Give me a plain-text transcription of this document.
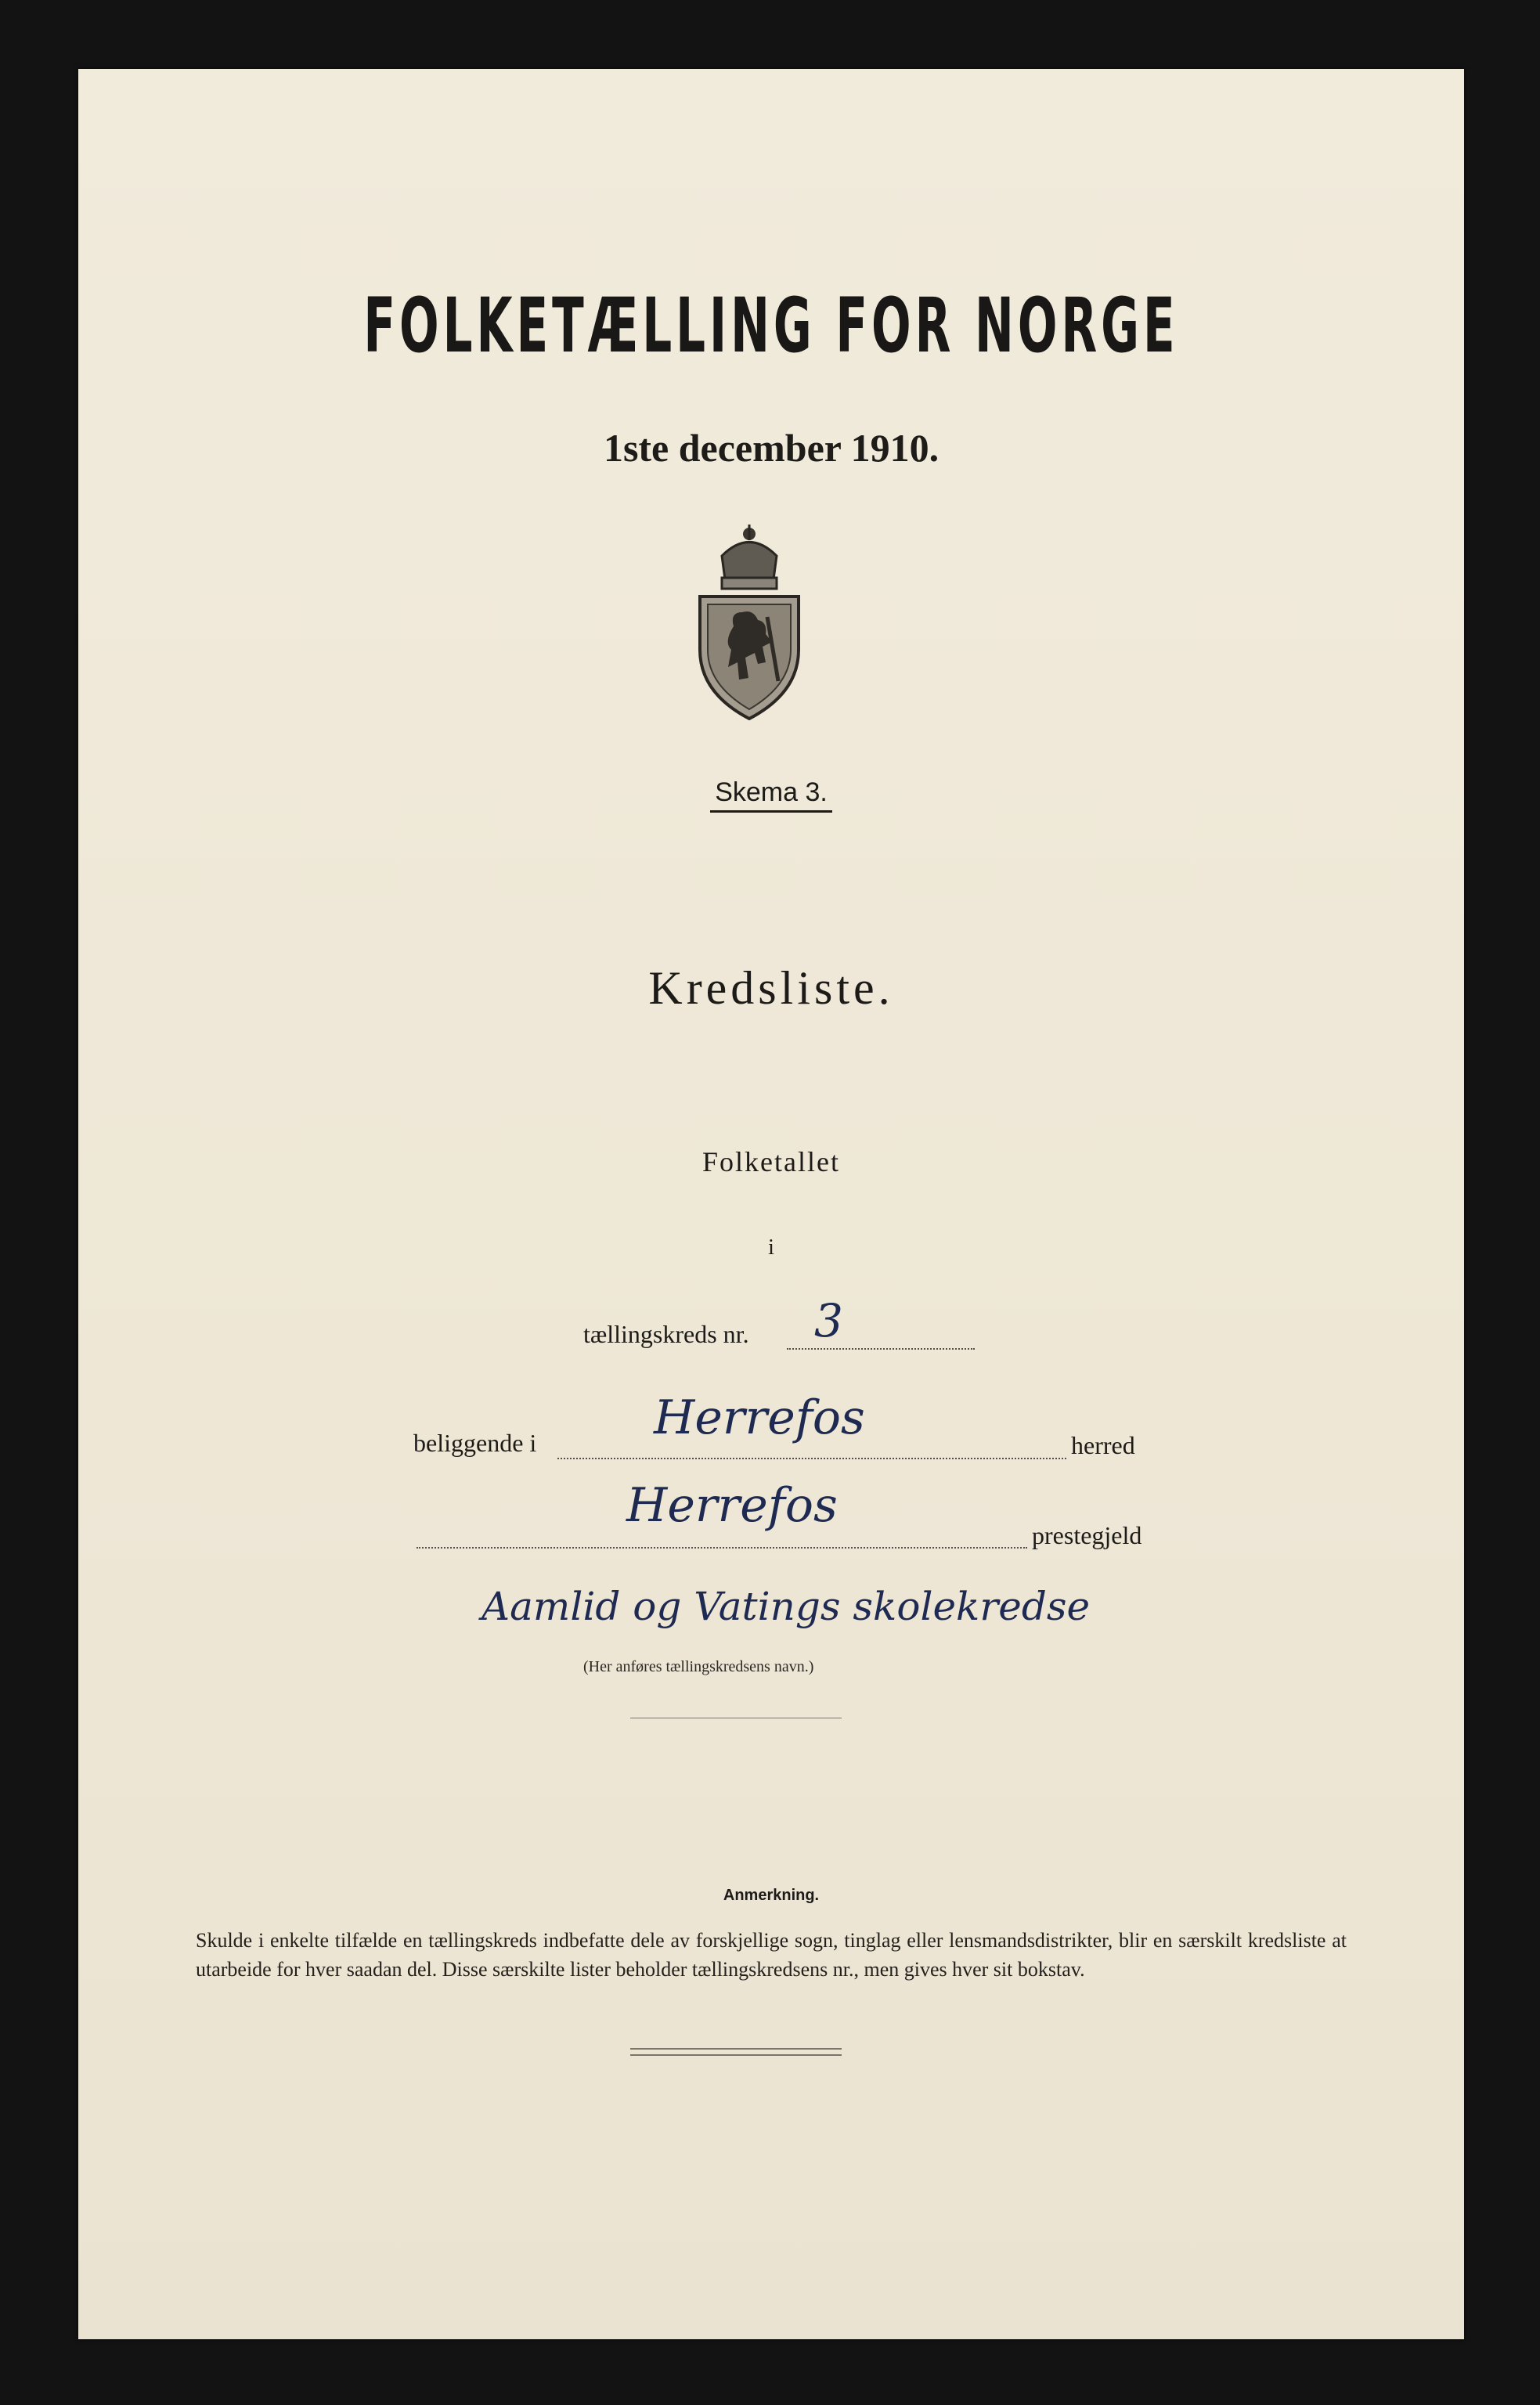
FOLKETÆLLING FOR NORGE
1ste december 1910.
Skema 3.
Kredsliste.
Folketallet
i
tællingskreds nr. 3
beliggende i Herrefos	herred
Herrefos
prestegjeld
Aamlid og Vatings skolekredse
(Her anføres tællingskredsens navn.)
Anmerkning.
Skulde i enkelte tilfælde en tællingskreds indbefatte dele av forskjellige sogn, tinglag eller lensmandsdistrikter, blir en særskilt kredsliste at utarbeide for hver saadan del. Disse særskilte lister beholder tællingskredsens nr., men gives hver sit bokstav.
